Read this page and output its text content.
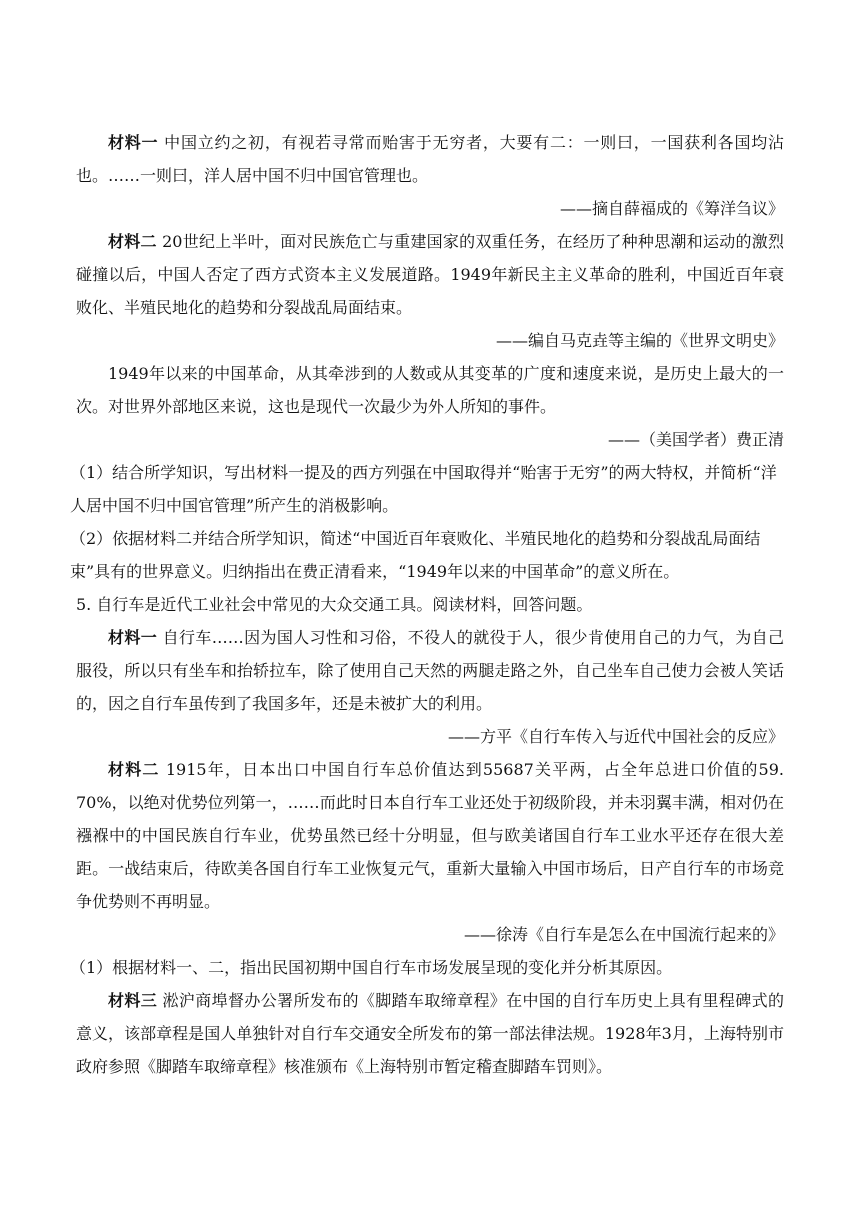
材料一 中国立约之初，有视若寻常而贻害于无穷者，大要有二：一则曰，一国获利各国均沾也。……一则曰，洋人居中国不归中国官管理也。

——摘自薛福成的《筹洋刍议》

材料二 20世纪上半叶，面对民族危亡与重建国家的双重任务，在经历了种种思潮和运动的激烈碰撞以后，中国人否定了西方式资本主义发展道路。1949年新民主主义革命的胜利，中国近百年衰败化、半殖民地化的趋势和分裂战乱局面结束。

——编自马克垚等主编的《世界文明史》

1949年以来的中国革命，从其牵涉到的人数或从其变革的广度和速度来说，是历史上最大的一次。对世界外部地区来说，这也是现代一次最少为外人所知的事件。

——（美国学者）费正清

（1）结合所学知识，写出材料一提及的西方列强在中国取得并“贻害于无穷”的两大特权，并简析“洋人居中国不归中国官管理”所产生的消极影响。

（2）依据材料二并结合所学知识，简述“中国近百年衰败化、半殖民地化的趋势和分裂战乱局面结束”具有的世界意义。归纳指出在费正清看来，“1949年以来的中国革命”的意义所在。

5. 自行车是近代工业社会中常见的大众交通工具。阅读材料，回答问题。

材料一 自行车……因为国人习性和习俗，不役人的就役于人，很少肯使用自己的力气，为自己服役，所以只有坐车和抬轿拉车，除了使用自己天然的两腿走路之外，自己坐车自己使力会被人笑话的，因之自行车虽传到了我国多年，还是未被扩大的利用。

——方平《自行车传入与近代中国社会的反应》

材料二 1915年，日本出口中国自行车总价值达到55687关平两，占全年总进口价值的59. 70%，以绝对优势位列第一，……而此时日本自行车工业还处于初级阶段，并未羽翼丰满，相对仍在襁褓中的中国民族自行车业，优势虽然已经十分明显，但与欧美诸国自行车工业水平还存在很大差距。一战结束后，待欧美各国自行车工业恢复元气，重新大量输入中国市场后，日产自行车的市场竞争优势则不再明显。

——徐涛《自行车是怎么在中国流行起来的》

（1）根据材料一、二，指出民国初期中国自行车市场发展呈现的变化并分析其原因。

材料三 淞沪商埠督办公署所发布的《脚踏车取缔章程》在中国的自行车历史上具有里程碑式的意义，该部章程是国人单独针对自行车交通安全所发布的第一部法律法规。1928年3月，上海特别市政府参照《脚踏车取缔章程》核准颁布《上海特别市暂定稽查脚踏车罚则》。
